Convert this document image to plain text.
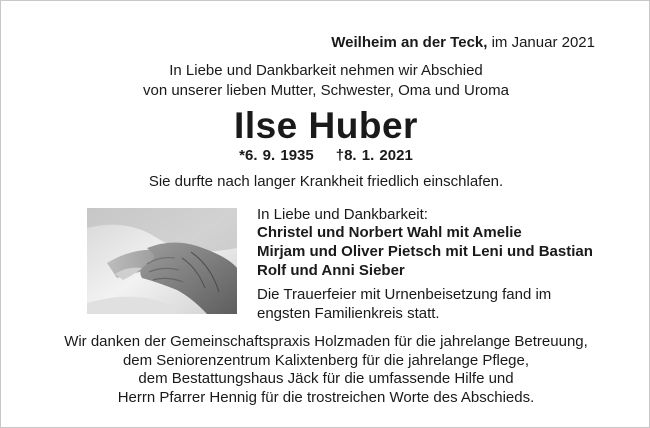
Weilheim an der Teck, im Januar 2021
In Liebe und Dankbarkeit nehmen wir Abschied
von unserer lieben Mutter, Schwester, Oma und Uroma
Ilse Huber
*6. 9. 1935 †8. 1. 2021
Sie durfte nach langer Krankheit friedlich einschlafen.
In Liebe und Dankbarkeit:
Christel und Norbert Wahl mit Amelie
Mirjam und Oliver Pietsch mit Leni und Bastian
Rolf und Anni Sieber
Die Trauerfeier mit Urnenbeisetzung fand im
engsten Familienkreis statt.
Wir danken der Gemeinschaftspraxis Holzmaden für die jahrelange Betreuung,
dem Seniorenzentrum Kalixtenberg für die jahrelange Pflege,
dem Bestattungshaus Jäck für die umfassende Hilfe und
Herrn Pfarrer Hennig für die trostreichen Worte des Abschieds.
